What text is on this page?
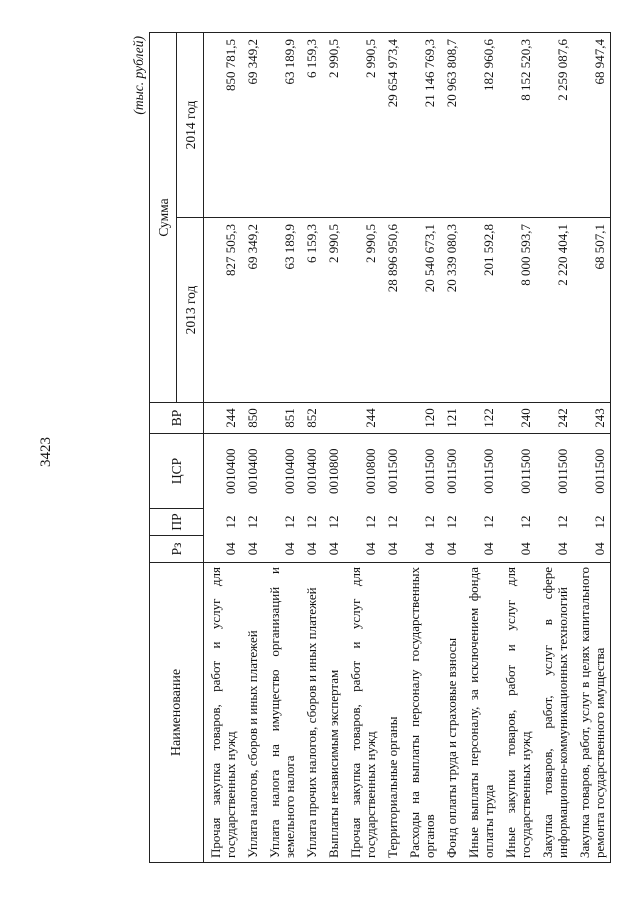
3423
(тыс. рублей)
Наименование	Рз	ПР	ЦСР	ВР	Сумма	
					2013 год	2014 год
Прочая закупка товаров, работ и услуг для государственных нужд	04	12	0010400	244	827 505,3	850 781,5
Уплата налогов, сборов и иных платежей	04	12	0010400	850	69 349,2	69 349,2
Уплата налога на имущество организаций и земельного налога	04	12	0010400	851	63 189,9	63 189,9
Уплата прочих налогов, сборов и иных платежей	04	12	0010400	852	6 159,3	6 159,3
Выплаты независимым экспертам	04	12	0010800		2 990,5	2 990,5
Прочая закупка товаров, работ и услуг для государственных нужд	04	12	0010800	244	2 990,5	2 990,5
Территориальные органы	04	12	0011500		28 896 950,6	29 654 973,4
Расходы на выплаты персоналу государственных органов	04	12	0011500	120	20 540 673,1	21 146 769,3
Фонд оплаты труда и страховые взносы	04	12	0011500	121	20 339 080,3	20 963 808,7
Иные выплаты персоналу, за исключением фонда оплаты труда	04	12	0011500	122	201 592,8	182 960,6
Иные закупки товаров, работ и услуг для государственных нужд	04	12	0011500	240	8 000 593,7	8 152 520,3
Закупка товаров, работ, услуг в сфере информационно-коммуникационных технологий	04	12	0011500	242	2 220 404,1	2 259 087,6
Закупка товаров, работ, услуг в целях капитального ремонта государственного имущества	04	12	0011500	243	68 507,1	68 947,4
